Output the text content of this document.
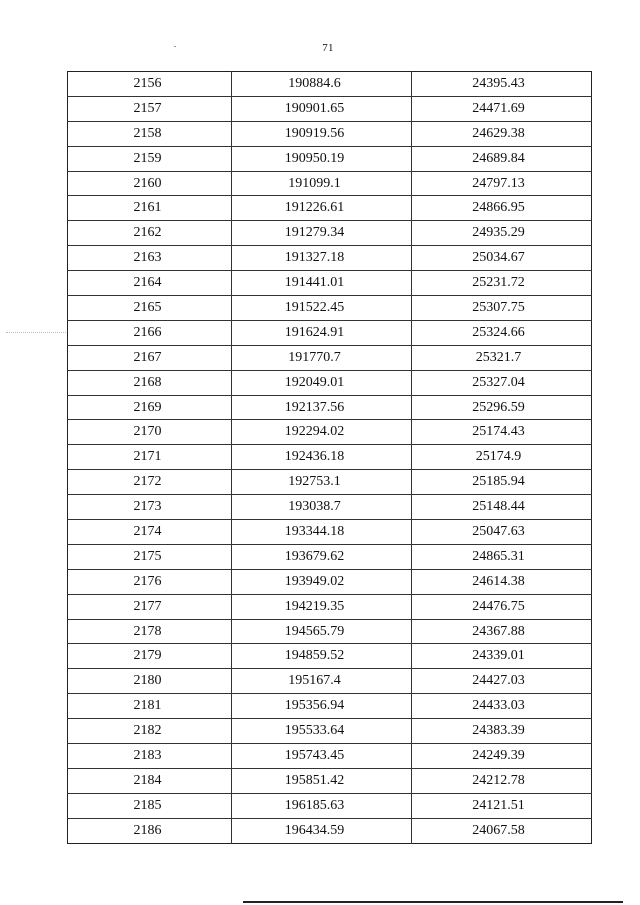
71
2156	190884.6	24395.43
2157	190901.65	24471.69
2158	190919.56	24629.38
2159	190950.19	24689.84
2160	191099.1	24797.13
2161	191226.61	24866.95
2162	191279.34	24935.29
2163	191327.18	25034.67
2164	191441.01	25231.72
2165	191522.45	25307.75
2166	191624.91	25324.66
2167	191770.7	25321.7
2168	192049.01	25327.04
2169	192137.56	25296.59
2170	192294.02	25174.43
2171	192436.18	25174.9
2172	192753.1	25185.94
2173	193038.7	25148.44
2174	193344.18	25047.63
2175	193679.62	24865.31
2176	193949.02	24614.38
2177	194219.35	24476.75
2178	194565.79	24367.88
2179	194859.52	24339.01
2180	195167.4	24427.03
2181	195356.94	24433.03
2182	195533.64	24383.39
2183	195743.45	24249.39
2184	195851.42	24212.78
2185	196185.63	24121.51
2186	196434.59	24067.58
